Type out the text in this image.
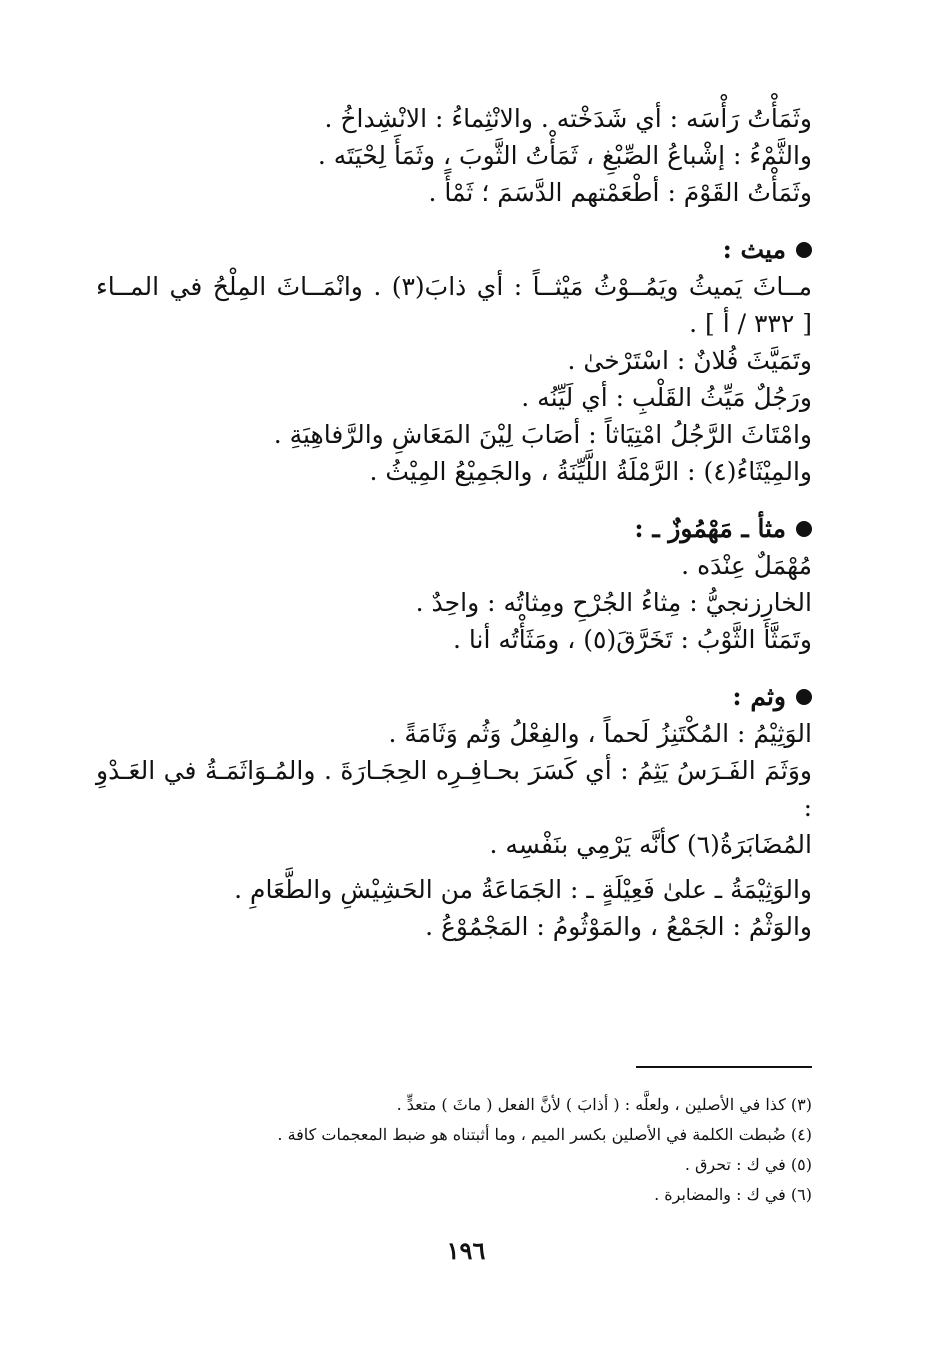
وثَمَأْتُ رَأْسَه : أي شَدَخْته . والانْثِماءُ : الانْشِداخُ .
والثَّمْءُ : إشْباعُ الصِّبْغِ ، ثَمَأْتُ الثَّوبَ ، وثَمَأَ لِحْيَتَه .
وثَمَأْتُ القَوْمَ : أطْعَمْتهم الدَّسَمَ ؛ ثَمْأً .
ميث :
مــاثَ يَميثُ ويَمُــوْثُ مَيْثــاً : أي ذابَ(٣) . وانْمَــاثَ المِلْحُ في المــاء
[ ٣٣٢ / أ ] .
وتَمَيَّثَ فُلانٌ : اسْتَرْخىٰ .
ورَجُلٌ مَيِّثُ القَلْبِ : أي لَيِّنُه .
وامْتَاثَ الرَّجُلُ امْتِيَاثاً : أصَابَ لِيْنَ المَعَاشِ والرَّفاهِيَةِ .
والمِيْثَاءُ(٤) : الرَّمْلَةُ اللَّيِّنَةُ ، والجَمِيْعُ المِيْثُ .
مثأ ـ مَهْمُوزٌ ـ :
مُهْمَلٌ عِنْدَه .
الخارزنجيُّ : مِثاءُ الجُرْحِ ومِثاتُه : واحِدٌ .
وتَمَثَّأَ الثَّوْبُ : تَخَرَّقَ(٥) ، ومَثَأْتُه أنا .
وثم :
الوَثِيْمُ : المُكْتَنِزُ لَحماً ، والفِعْلُ وَثُم وَثَامَةً .
ووَثَمَ الفَـرَسُ يَثِمُ : أي كَسَرَ بحـافِـرِه الحِجَـارَةَ . والمُـوَاثَمَـةُ في العَـدْوِ :
المُضَابَرَةُ(٦) كأنَّه يَرْمِي بنَفْسِه .
والوَثِيْمَةُ ـ علىٰ فَعِيْلَةٍ ـ : الجَمَاعَةُ من الحَشِيْشِ والطَّعَامِ .
والوَثْمُ : الجَمْعُ ، والمَوْثُومُ : المَجْمُوْعُ .
(٣) كذا في الأصلين ، ولعلَّه : ( أذابَ ) لأنَّ الفعل ( ماثَ ) متعدٍّ .
(٤) ضُبطت الكلمة في الأصلين بكسر الميم ، وما أثبتناه هو ضبط المعجمات كافة .
(٥) في ك : تحرق .
(٦) في ك : والمضابرة .
١٩٦
